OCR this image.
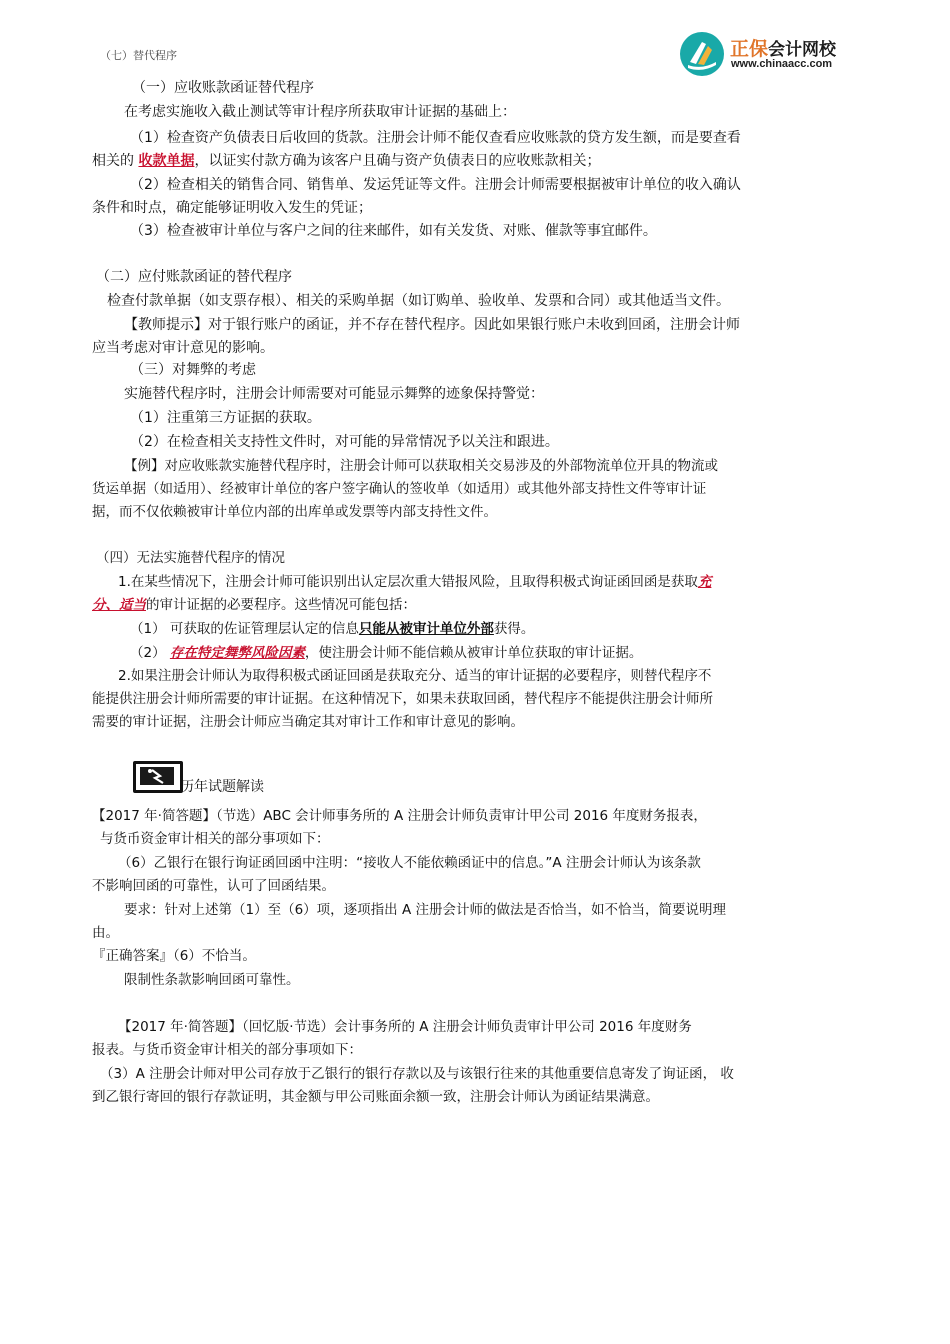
正保会计网校
www.chinaacc.com
（七）替代程序
（一）应收账款函证替代程序
在考虑实施收入截止测试等审计程序所获取审计证据的基础上：
（1）检查资产负债表日后收回的货款。注册会计师不能仅查看应收账款的贷方发生额，而是要查看
相关的 收款单据，以证实付款方确为该客户且确与资产负债表日的应收账款相关；
（2）检查相关的销售合同、销售单、发运凭证等文件。注册会计师需要根据被审计单位的收入确认
条件和时点，确定能够证明收入发生的凭证；
（3）检查被审计单位与客户之间的往来邮件，如有关发货、对账、催款等事宜邮件。
（二）应付账款函证的替代程序
检查付款单据（如支票存根）、相关的采购单据（如订购单、验收单、发票和合同）或其他适当文件。
【教师提示】对于银行账户的函证，并不存在替代程序。因此如果银行账户未收到回函，注册会计师
应当考虑对审计意见的影响。
（三）对舞弊的考虑
实施替代程序时，注册会计师需要对可能显示舞弊的迹象保持警觉：
（1）注重第三方证据的获取。
（2）在检查相关支持性文件时，对可能的异常情况予以关注和跟进。
【例】对应收账款实施替代程序时，注册会计师可以获取相关交易涉及的外部物流单位开具的物流或
货运单据（如适用）、经被审计单位的客户签字确认的签收单（如适用）或其他外部支持性文件等审计证
据，而不仅依赖被审计单位内部的出库单或发票等内部支持性文件。
（四）无法实施替代程序的情况
1.在某些情况下，注册会计师可能识别出认定层次重大错报风险，且取得积极式询证函回函是获取充
分、适当的审计证据的必要程序。这些情况可能包括：
（1） 可获取的佐证管理层认定的信息只能从被审计单位外部获得。
（2） 存在特定舞弊风险因素，使注册会计师不能信赖从被审计单位获取的审计证据。
2.如果注册会计师认为取得积极式函证回函是获取充分、适当的审计证据的必要程序，则替代程序不
能提供注册会计师所需要的审计证据。在这种情况下，如果未获取回函，替代程序不能提供注册会计师所
需要的审计证据，注册会计师应当确定其对审计工作和审计意见的影响。
历年试题解读
【2017 年·简答题】（节选）ABC 会计师事务所的 A 注册会计师负责审计甲公司 2016 年度财务报表，
与货币资金审计相关的部分事项如下：
（6）乙银行在银行询证函回函中注明：“接收人不能依赖函证中的信息。”A 注册会计师认为该条款
不影响回函的可靠性，认可了回函结果。
要求：针对上述第（1）至（6）项，逐项指出 A 注册会计师的做法是否恰当，如不恰当，简要说明理
由。
『正确答案』（6）不恰当。
限制性条款影响回函可靠性。
【2017 年·简答题】（回忆版·节选）会计事务所的 A 注册会计师负责审计甲公司 2016 年度财务
报表。与货币资金审计相关的部分事项如下：
（3）A 注册会计师对甲公司存放于乙银行的银行存款以及与该银行往来的其他重要信息寄发了询证函， 收
到乙银行寄回的银行存款证明，其金额与甲公司账面余额一致，注册会计师认为函证结果满意。
